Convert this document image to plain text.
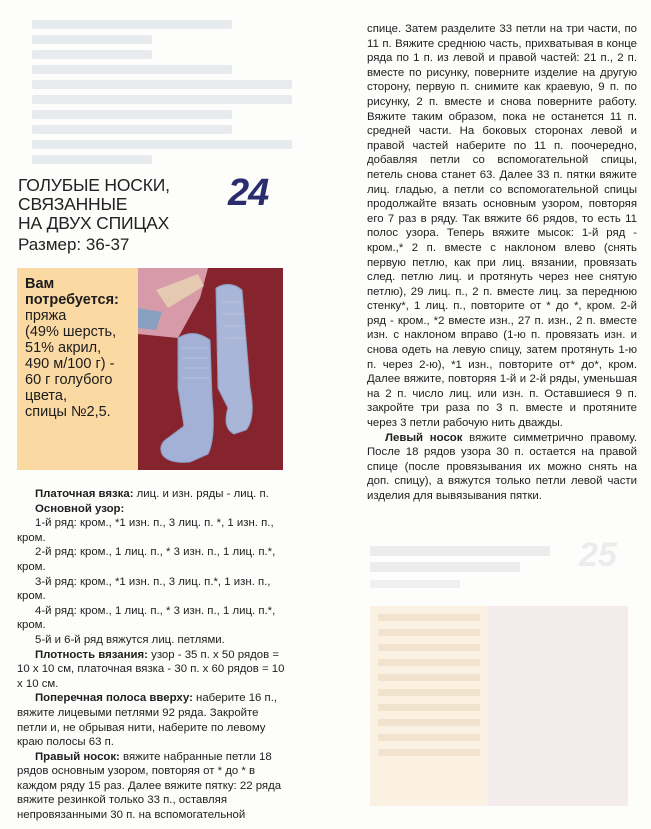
ГОЛУБЫЕ НОСКИ,
СВЯЗАННЫЕ
НА ДВУХ СПИЦАХ
Размер: 36-37
24
Вам
потребуется:
пряжа
(49% шерсть,
51% акрил,
490 м/100 г) -
60 г голубого
цвета,
спицы №2,5.

Платочная вязка: лиц. и изн. ряды - лиц. п.

Основной узор:

1-й ряд: кром., *1 изн. п., 3 лиц. п. *, 1 изн. п., кром.

2-й ряд: кром., 1 лиц. п., * 3 изн. п., 1 лиц. п.*, кром.

3-й ряд: кром., *1 изн. п., 3 лиц. п.*, 1 изн. п., кром.

4-й ряд: кром., 1 лиц. п., * 3 изн. п., 1 лиц. п.*, кром.

5-й и 6-й ряд вяжутся лиц. петлями.

Плотность вязания: узор - 35 п. x 50 рядов = 10 x 10 см, платочная вязка - 30 п. x 60 рядов = 10 x 10 см.

Поперечная полоса вверху: наберите 16 п., вяжите лицевыми петлями 92 ряда. Закройте петли и, не обрывая нити, наберите по левому краю полосы 63 п.

Правый носок: вяжите набранные петли 18 рядов основным узором, повторяя от * до * в каждом ряду 15 раз. Далее вяжите пятку: 22 ряда вяжите резинкой только 33 п., оставляя непровязанными 30 п. на вспомогательной

спице. Затем разделите 33 петли на три части, по 11 п. Вяжите среднюю часть, прихватывая в конце ряда по 1 п. из левой и правой частей: 21 п., 2 п. вместе по рисунку, поверните изделие на другую сторону, первую п. снимите как краевую, 9 п. по рисунку, 2 п. вместе и снова поверните работу. Вяжите таким образом, пока не останется 11 п. средней части. На боковых сторонах левой и правой частей наберите по 11 п. поочередно, добавляя петли со вспомогательной спицы, петель снова станет 63. Далее 33 п. пятки вяжите лиц. гладью, а петли со вспомогательной спицы продолжайте вязать основным узором, повторяя его 7 раз в ряду. Так вяжите 66 рядов, то есть 11 полос узора. Теперь вяжите мысок: 1-й ряд - кром.,* 2 п. вместе с наклоном влево (снять первую петлю, как при лиц. вязании, провязать след. петлю лиц. и протянуть через нее снятую петлю), 29 лиц. п., 2 п. вместе лиц. за переднюю стенку*, 1 лиц. п., повторите от * до *, кром. 2-й ряд - кром., *2 вместе изн., 27 п. изн., 2 п. вместе изн. с наклоном вправо (1-ю п. провязать изн. и снова одеть на левую спицу, затем протянуть 1-ю п. через 2-ю), *1 изн., повторите от* до*, кром. Далее вяжите, повторяя 1-й и 2-й ряды, уменьшая на 2 п. число лиц. или изн. п. Оставшиеся 9 п. закройте три раза по 3 п. вместе и протяните через 3 петли рабочую нить дважды.

Левый носок вяжите симметрично правому. После 18 рядов узора 30 п. остается на правой спице (после провязывания их можно снять на доп. спицу), а вяжутся только петли левой части изделия для вывязывания пятки.

25
